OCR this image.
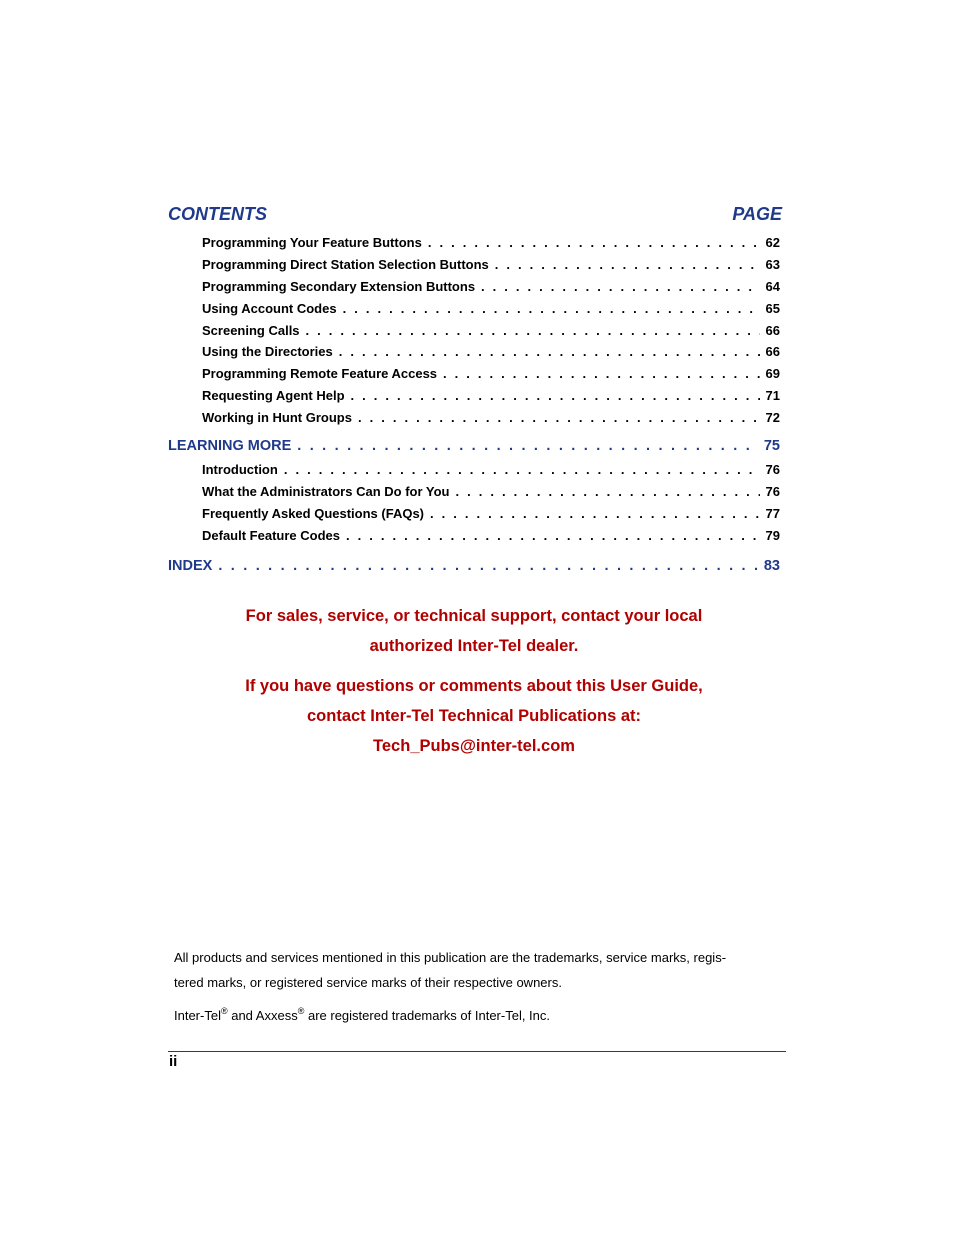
CONTENTS	PAGE
Programming Your Feature Buttons . . .	62
Programming Direct Station Selection Buttons . . .	63
Programming Secondary Extension Buttons . . .	64
Using Account Codes . . .	65
Screening Calls . . .	66
Using the Directories . . .	66
Programming Remote Feature Access . . .	69
Requesting Agent Help . . .	71
Working in Hunt Groups . . .	72
LEARNING MORE . . .	75
Introduction . . .	76
What the Administrators Can Do for You . . .	76
Frequently Asked Questions (FAQs) . . .	77
Default Feature Codes . . .	79
INDEX . . .	83
For sales, service, or technical support, contact your local
authorized Inter-Tel dealer.
If you have questions or comments about this User Guide,
contact Inter-Tel Technical Publications at:
Tech_Pubs@inter-tel.com
All products and services mentioned in this publication are the trademarks, service marks, regis-
tered marks, or registered service marks of their respective owners.
Inter-Tel® and Axxess® are registered trademarks of Inter-Tel, Inc.
ii
